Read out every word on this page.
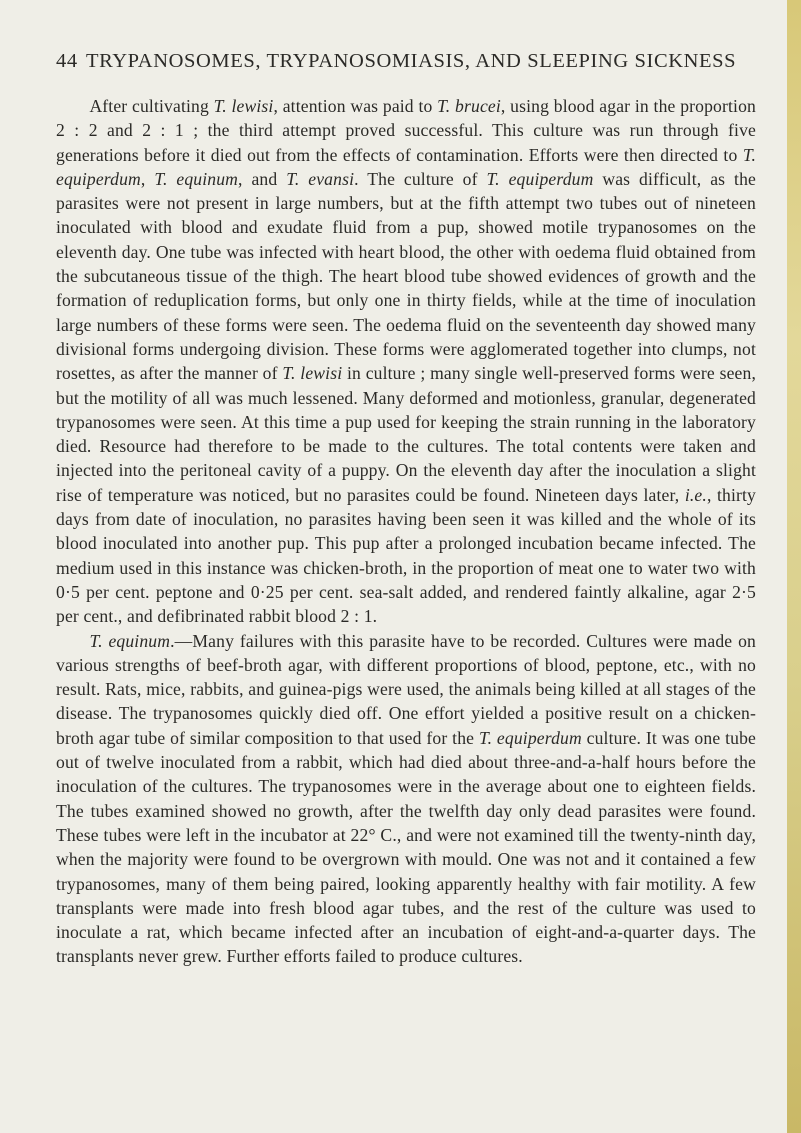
44 TRYPANOSOMES, TRYPANOSOMIASIS, AND SLEEPING SICKNESS

After cultivating T. lewisi, attention was paid to T. brucei, using blood agar in the proportion 2 : 2 and 2 : 1 ; the third attempt proved successful. This culture was run through five generations before it died out from the effects of contamination. Efforts were then directed to T. equiperdum, T. equinum, and T. evansi. The culture of T. equiperdum was difficult, as the parasites were not present in large numbers, but at the fifth attempt two tubes out of nineteen inoculated with blood and exudate fluid from a pup, showed motile trypanosomes on the eleventh day. One tube was infected with heart blood, the other with oedema fluid obtained from the subcutaneous tissue of the thigh. The heart blood tube showed evidences of growth and the formation of reduplication forms, but only one in thirty fields, while at the time of inoculation large numbers of these forms were seen. The oedema fluid on the seventeenth day showed many divisional forms undergoing division. These forms were agglomerated together into clumps, not rosettes, as after the manner of T. lewisi in culture ; many single well-preserved forms were seen, but the motility of all was much lessened. Many deformed and motionless, granular, degenerated trypanosomes were seen. At this time a pup used for keeping the strain running in the laboratory died. Resource had therefore to be made to the cultures. The total contents were taken and injected into the peritoneal cavity of a puppy. On the eleventh day after the inoculation a slight rise of temperature was noticed, but no parasites could be found. Nineteen days later, i.e., thirty days from date of inoculation, no parasites having been seen it was killed and the whole of its blood inoculated into another pup. This pup after a prolonged incubation became infected. The medium used in this instance was chicken-broth, in the proportion of meat one to water two with 0·5 per cent. peptone and 0·25 per cent. sea-salt added, and rendered faintly alkaline, agar 2·5 per cent., and defibrinated rabbit blood 2 : 1.

T. equinum.—Many failures with this parasite have to be recorded. Cultures were made on various strengths of beef-broth agar, with different proportions of blood, peptone, etc., with no result. Rats, mice, rabbits, and guinea-pigs were used, the animals being killed at all stages of the disease. The trypanosomes quickly died off. One effort yielded a positive result on a chicken-broth agar tube of similar composition to that used for the T. equiperdum culture. It was one tube out of twelve inoculated from a rabbit, which had died about three-and-a-half hours before the inoculation of the cultures. The trypanosomes were in the average about one to eighteen fields. The tubes examined showed no growth, after the twelfth day only dead parasites were found. These tubes were left in the incubator at 22° C., and were not examined till the twenty-ninth day, when the majority were found to be overgrown with mould. One was not and it contained a few trypanosomes, many of them being paired, looking apparently healthy with fair motility. A few transplants were made into fresh blood agar tubes, and the rest of the culture was used to inoculate a rat, which became infected after an incubation of eight-and-a-quarter days. The transplants never grew. Further efforts failed to produce cultures.
